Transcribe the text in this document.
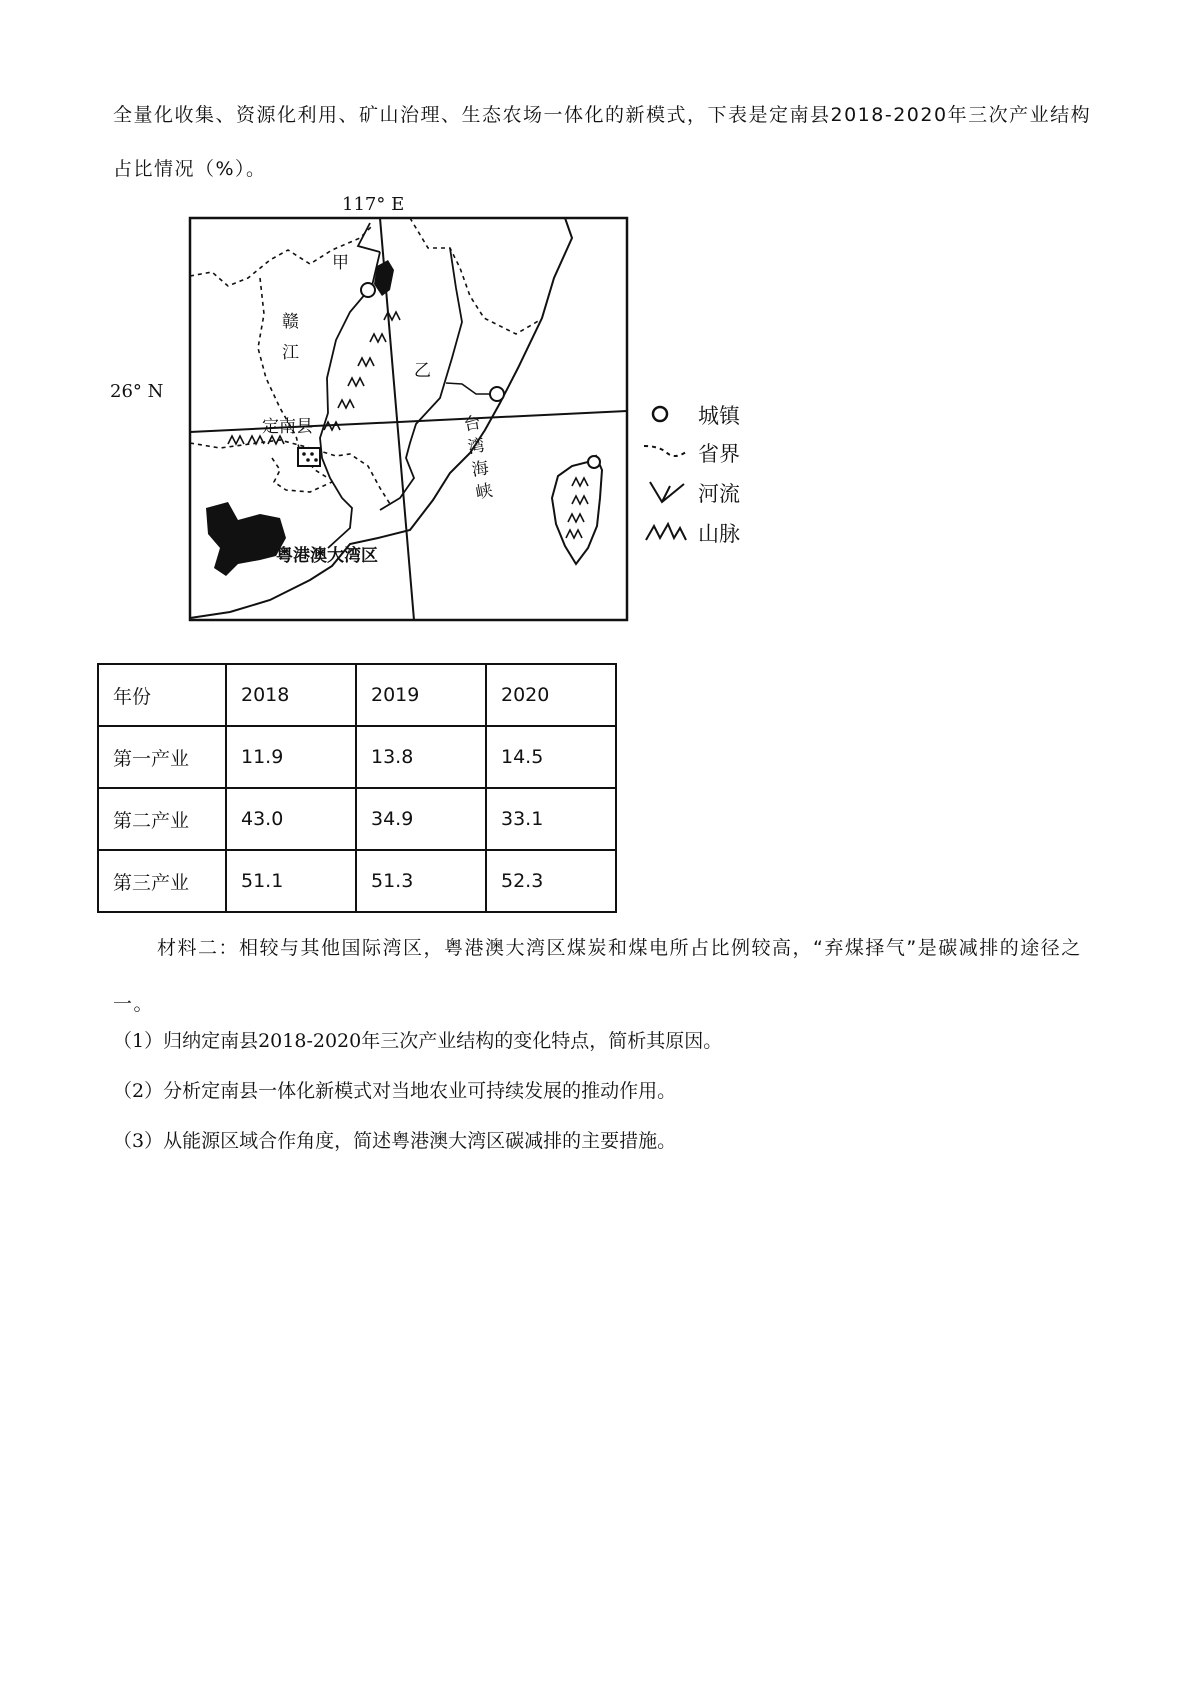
全量化收集、资源化利用、矿山治理、生态农场一体化的新模式，下表是定南县2018-2020年三次产业结构占比情况（%）。
117° E
26° N
甲
乙
赣江
定南县	台湾海峡
粤港澳大湾区
城镇
省界
河流
山脉
年份	2018	2019	2020
第一产业	11.9	13.8	14.5
第二产业	43.0	34.9	33.1
第三产业	51.1	51.3	52.3
材料二：相较与其他国际湾区，粤港澳大湾区煤炭和煤电所占比例较高，“弃煤择气”是碳减排的途径之一。
（1）归纳定南县2018-2020年三次产业结构的变化特点，简析其原因。
（2）分析定南县一体化新模式对当地农业可持续发展的推动作用。
（3）从能源区域合作角度，简述粤港澳大湾区碳减排的主要措施。
